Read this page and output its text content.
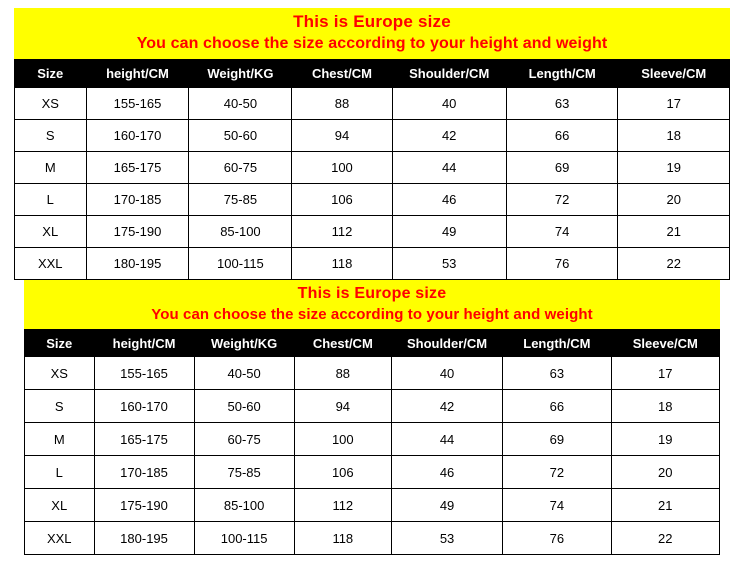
This is Europe size
You can choose the size according to your height and weight
Size	height/CM	Weight/KG	Chest/CM	Shoulder/CM	Length/CM	Sleeve/CM
XS	155-165	40-50	88	40	63	17
S	160-170	50-60	94	42	66	18
M	165-175	60-75	100	44	69	19
L	170-185	75-85	106	46	72	20
XL	175-190	85-100	112	49	74	21
XXL	180-195	100-115	118	53	76	22
This is Europe size
You can choose the size according to your height and weight
Size	height/CM	Weight/KG	Chest/CM	Shoulder/CM	Length/CM	Sleeve/CM
XS	155-165	40-50	88	40	63	17
S	160-170	50-60	94	42	66	18
M	165-175	60-75	100	44	69	19
L	170-185	75-85	106	46	72	20
XL	175-190	85-100	112	49	74	21
XXL	180-195	100-115	118	53	76	22
